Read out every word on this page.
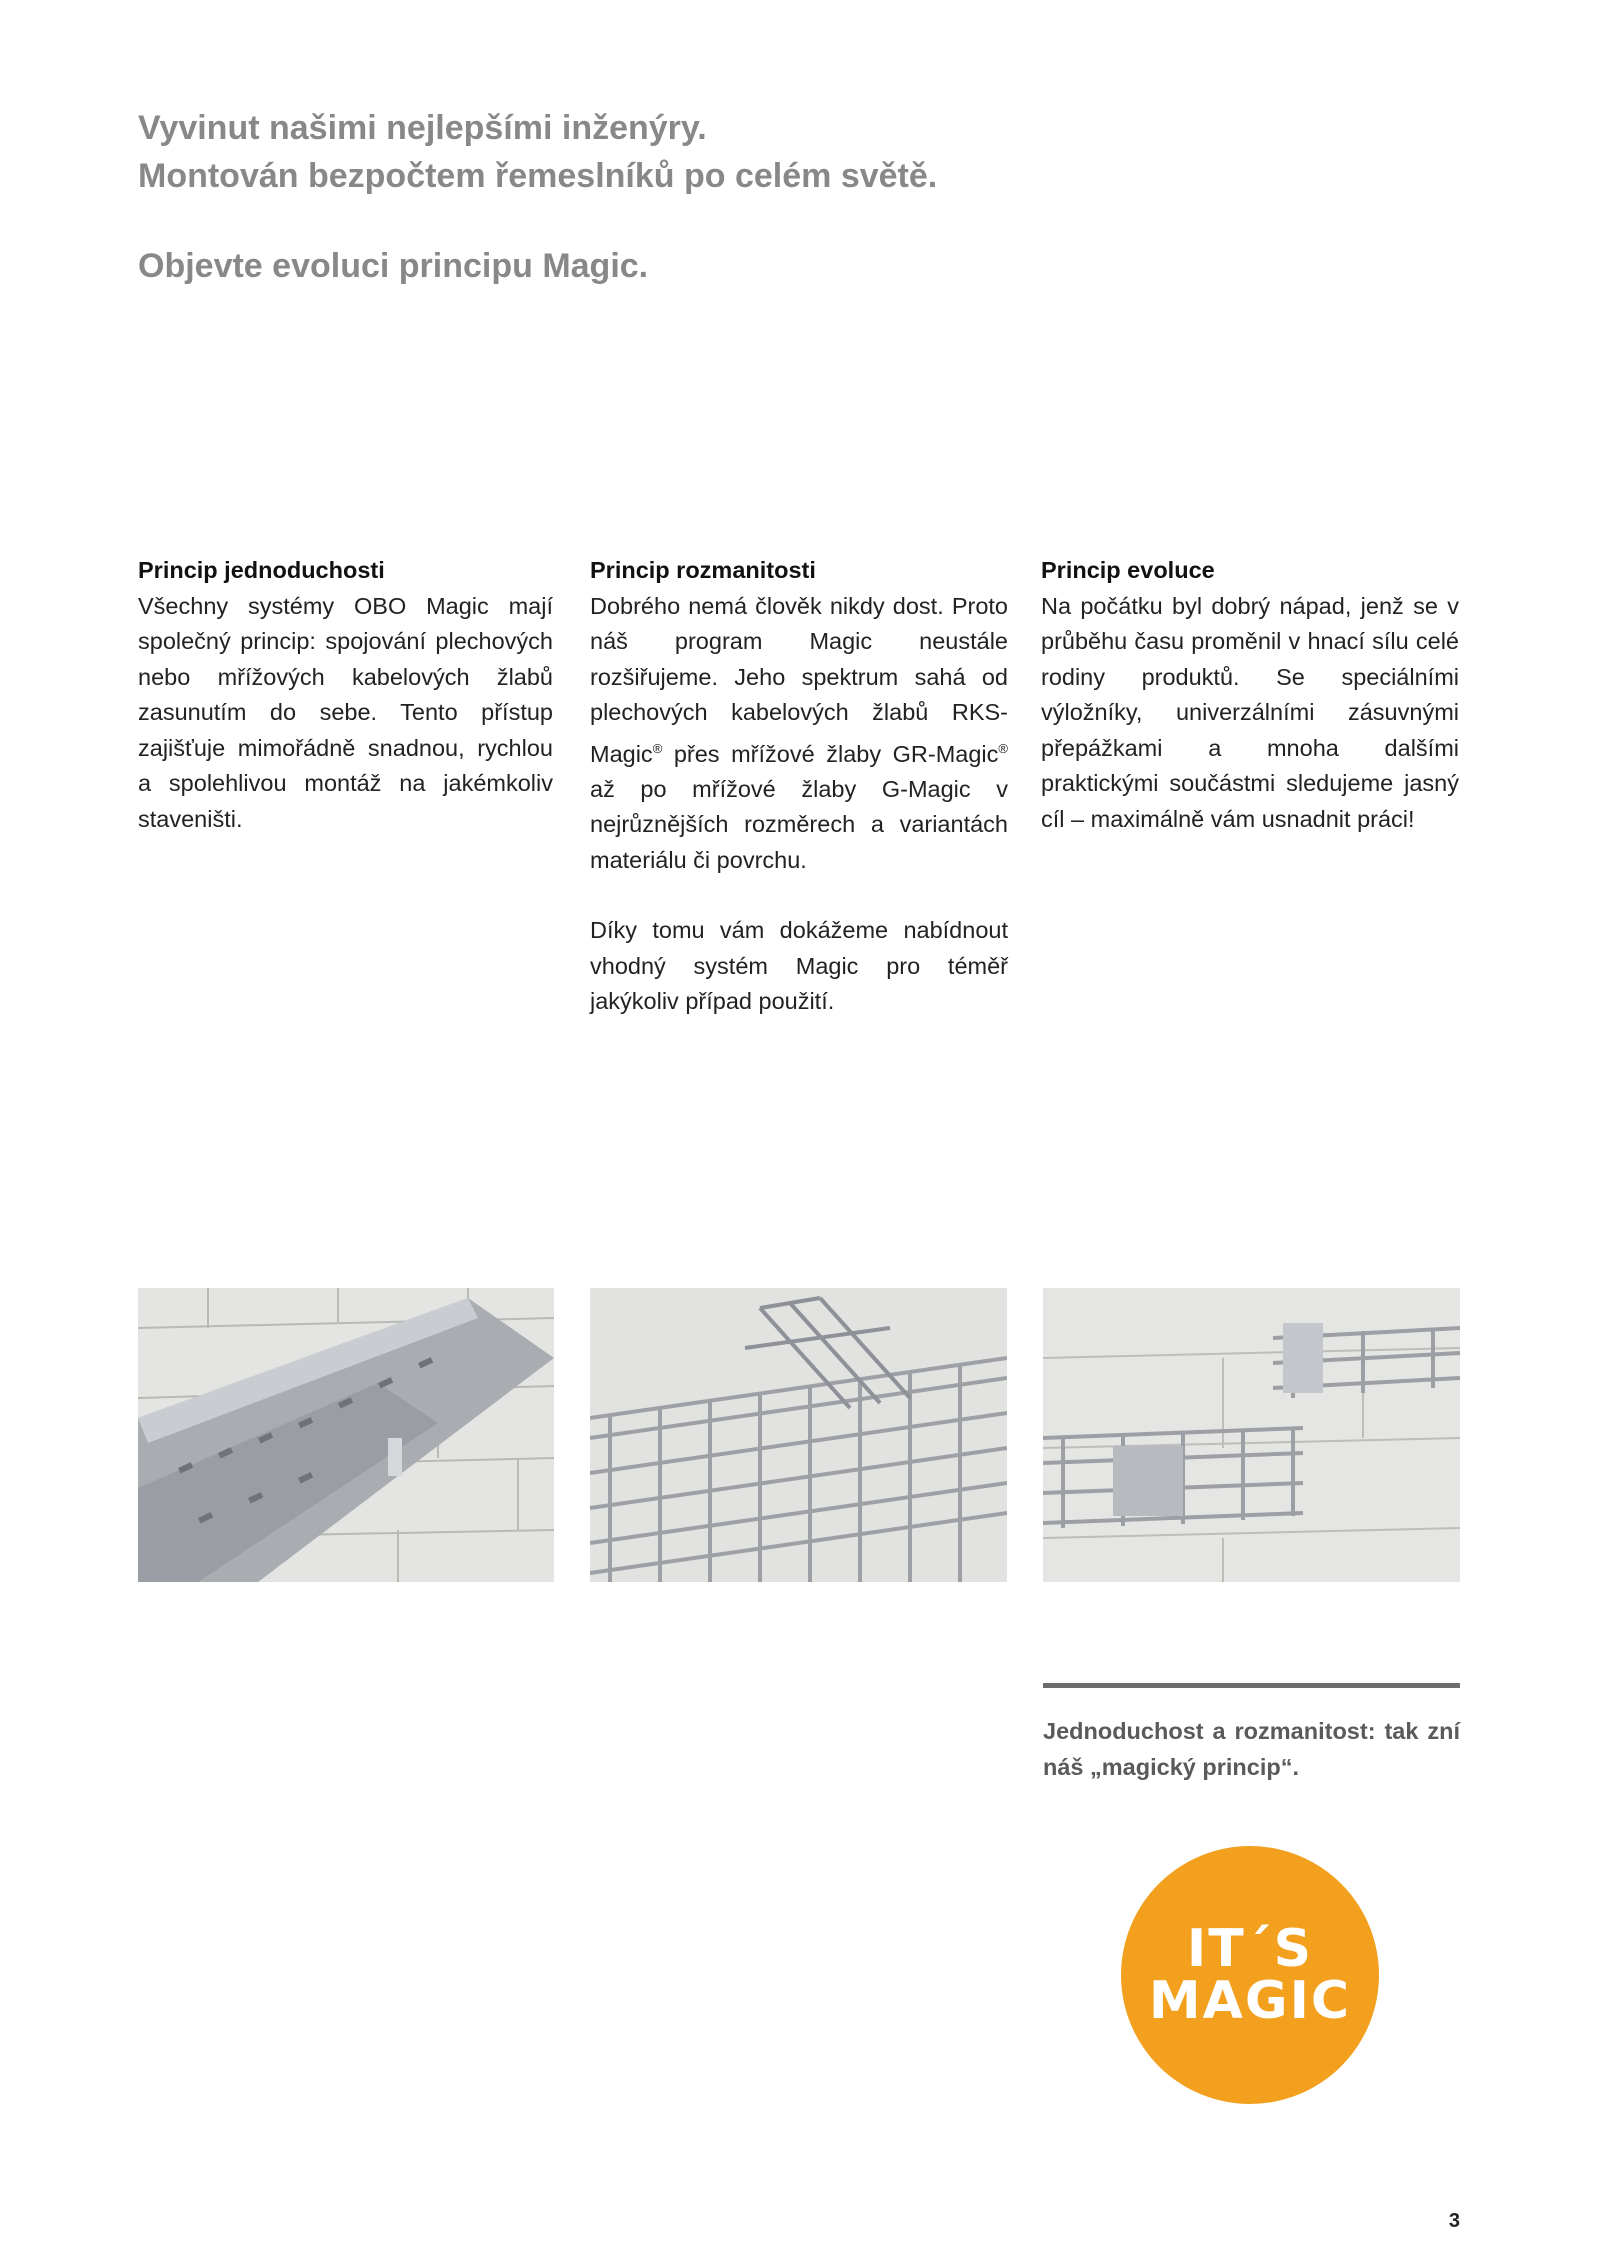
Vyvinut našimi nejlepšími inženýry.

Montován bezpočtem řemeslníků po celém světě.

Objevte evoluci principu Magic.

Princip jednoduchosti

Všechny systémy OBO Magic mají společný princip: spojování plechových nebo mřížových kabelových žlabů zasunutím do sebe. Tento přístup zajišťuje mimořádně snadnou, rychlou a spolehlivou montáž na jakémkoliv staveništi.

Princip rozmanitosti

Dobrého nemá člověk nikdy dost. Proto náš program Magic neustále rozšiřujeme. Jeho spektrum sahá od plechových kabelových žlabů RKS-Magic® přes mřížové žlaby GR-Magic® až po mřížové žlaby G-Magic v nejrůznějších rozměrech a variantách materiálu či povrchu.

Díky tomu vám dokážeme nabídnout vhodný systém Magic pro téměř jakýkoliv případ použití.

Princip evoluce

Na počátku byl dobrý nápad, jenž se v průběhu času proměnil v hnací sílu celé rodiny produktů. Se speciálními výložníky, univerzálními zásuvnými přepážkami a mnoha dalšími praktickými součástmi sledujeme jasný cíl – maximálně vám usnadnit práci!

Jednoduchost a rozmanitost: tak zní náš „magický princip“.
IT´S
MAGIC
3
